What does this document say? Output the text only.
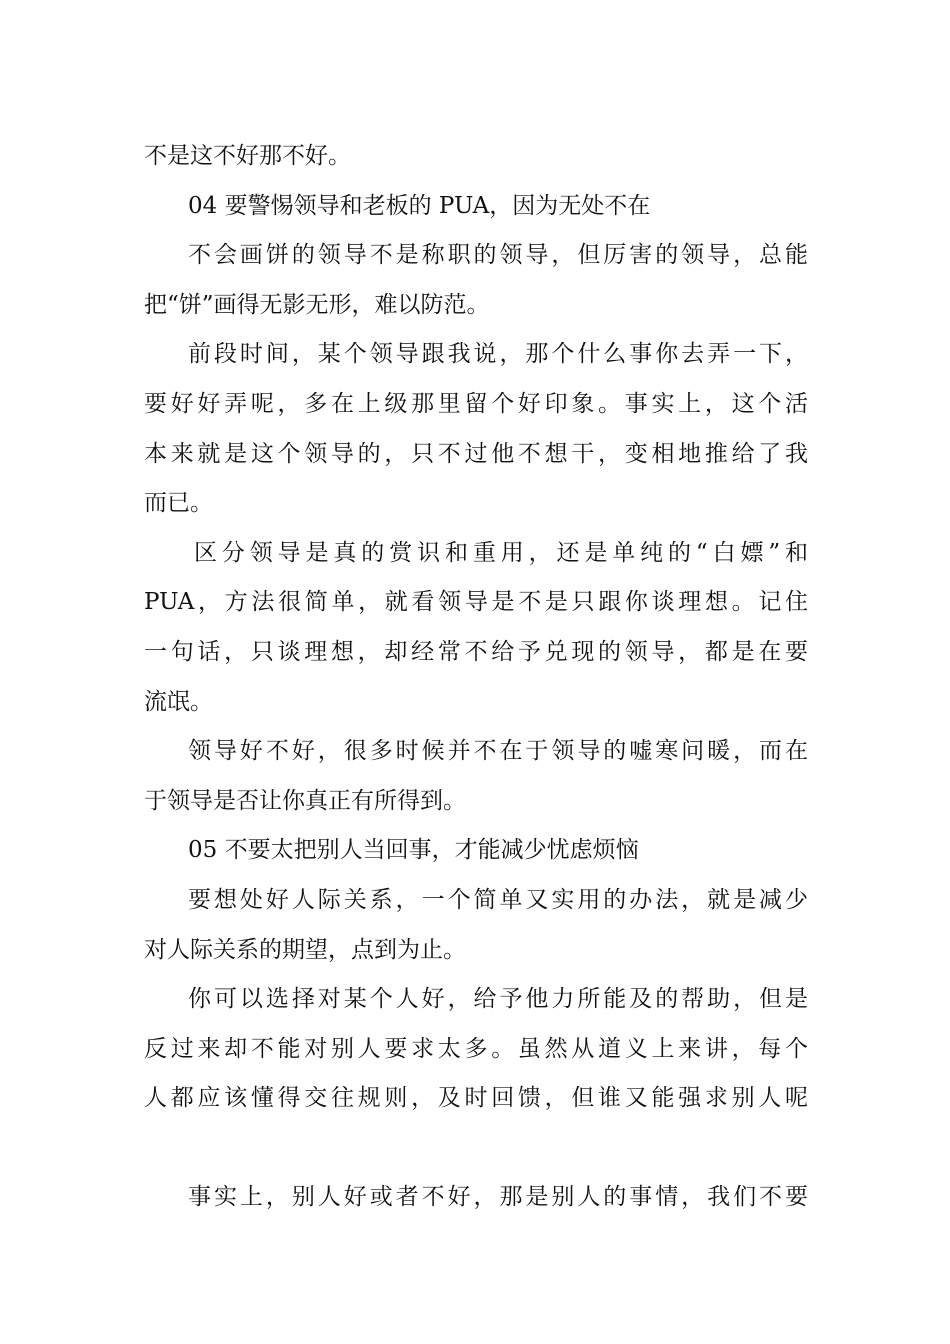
不是这不好那不好。
04 要警惕领导和老板的 PUA，因为无处不在
不会画饼的领导不是称职的领导，但厉害的领导，总能
把“饼”画得无影无形，难以防范。
前段时间，某个领导跟我说，那个什么事你去弄一下，
要好好弄呢，多在上级那里留个好印象。事实上，这个活
本来就是这个领导的，只不过他不想干，变相地推给了我
而已。
区分领导是真的赏识和重用，还是单纯的“白嫖”和
PUA，方法很简单，就看领导是不是只跟你谈理想。记住
一句话，只谈理想，却经常不给予兑现的领导，都是在要
流氓。
领导好不好，很多时候并不在于领导的嘘寒问暖，而在
于领导是否让你真正有所得到。
05 不要太把别人当回事，才能减少忧虑烦恼
要想处好人际关系，一个简单又实用的办法，就是减少
对人际关系的期望，点到为止。
你可以选择对某个人好，给予他力所能及的帮助，但是
反过来却不能对别人要求太多。虽然从道义上来讲，每个
人都应该懂得交往规则，及时回馈，但谁又能强求别人呢
事实上，别人好或者不好，那是别人的事情，我们不要
